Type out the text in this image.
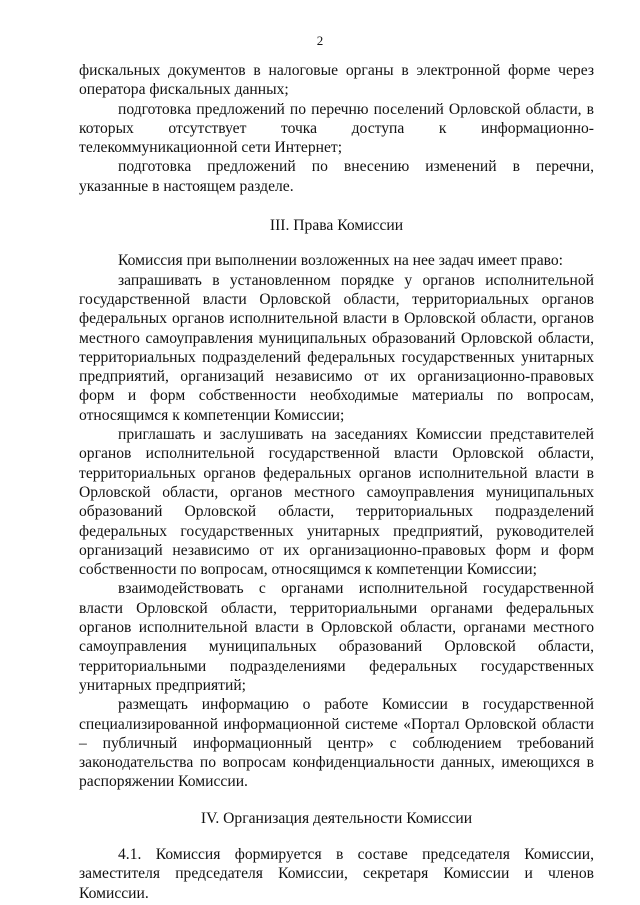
2

фискальных документов в налоговые органы в электронной форме через оператора фискальных данных;

подготовка предложений по перечню поселений Орловской области, в которых отсутствует точка доступа к информационно-телекоммуникационной сети Интернет;

подготовка предложений по внесению изменений в перечни, указанные в настоящем разделе.

III. Права Комиссии

Комиссия при выполнении возложенных на нее задач имеет право:

запрашивать в установленном порядке у органов исполнительной государственной власти Орловской области, территориальных органов федеральных органов исполнительной власти в Орловской области, органов местного самоуправления муниципальных образований Орловской области, территориальных подразделений федеральных государственных унитарных предприятий, организаций независимо от их организационно-правовых форм и форм собственности необходимые материалы по вопросам, относящимся к компетенции Комиссии;

приглашать и заслушивать на заседаниях Комиссии представителей органов исполнительной государственной власти Орловской области, территориальных органов федеральных органов исполнительной власти в Орловской области, органов местного самоуправления муниципальных образований Орловской области, территориальных подразделений федеральных государственных унитарных предприятий, руководителей организаций независимо от их организационно-правовых форм и форм собственности по вопросам, относящимся к компетенции Комиссии;

взаимодействовать с органами исполнительной государственной власти Орловской области, территориальными органами федеральных органов исполнительной власти в Орловской области, органами местного самоуправления муниципальных образований Орловской области, территориальными подразделениями федеральных государственных унитарных предприятий;

размещать информацию о работе Комиссии в государственной специализированной информационной системе «Портал Орловской области – публичный информационный центр» с соблюдением требований законодательства по вопросам конфиденциальности данных, имеющихся в распоряжении Комиссии.

IV. Организация деятельности Комиссии

4.1. Комиссия формируется в составе председателя Комиссии, заместителя председателя Комиссии, секретаря Комиссии и членов Комиссии.
